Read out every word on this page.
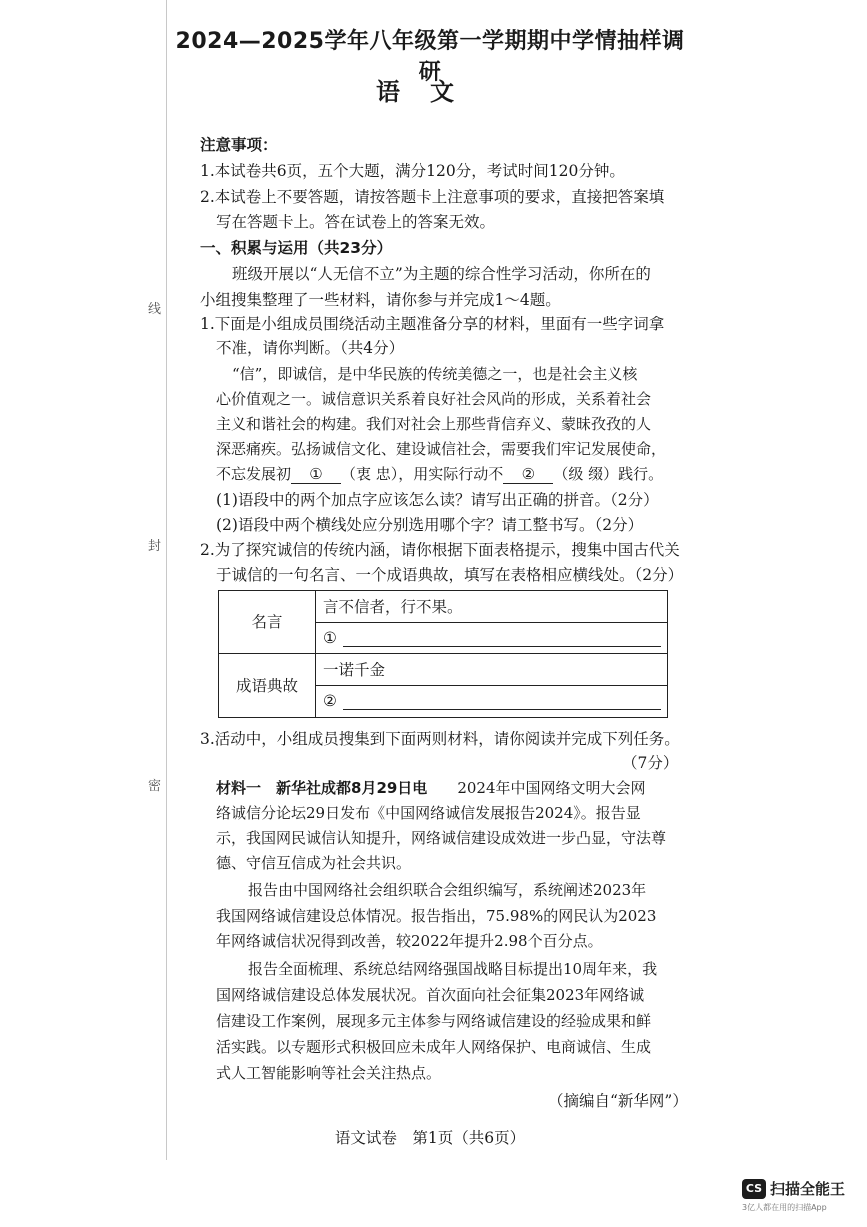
线
封
密
2024—2025学年八年级第一学期期中学情抽样调研
语文
注意事项：
1.本试卷共6页，五个大题，满分120分，考试时间120分钟。
2.本试卷上不要答题，请按答题卡上注意事项的要求，直接把答案填
写在答题卡上。答在试卷上的答案无效。
一、积累与运用（共23分）
班级开展以“人无信不立”为主题的综合性学习活动，你所在的
小组搜集整理了一些材料，请你参与并完成1～4题。
1.下面是小组成员围绕活动主题准备分享的材料，里面有一些字词拿
不准，请你判断。（共4分）
“信”，即诚信，是中华民族的传统美德之一，也是社会主义核
心价值观之一。诚信意识关系着良好社会风尚的形成，关系着社会
主义和谐社会的构建。我们对社会上那些背信弃义、蒙昧孜孜的人
深恶痛疾。弘扬诚信文化、建设诚信社会，需要我们牢记发展使命，
不忘发展初 ① （衷 忠），用实际行动不 ② （级 缀）践行。
(1)语段中的两个加点字应该怎么读？请写出正确的拼音。（2分）
(2)语段中两个横线处应分别选用哪个字？请工整书写。（2分）
2.为了探究诚信的传统内涵，请你根据下面表格提示，搜集中国古代关
于诚信的一句名言、一个成语典故，填写在表格相应横线处。（2分）
名言
言不信者，行不果。
①
成语典故
一诺千金
②
3.活动中，小组成员搜集到下面两则材料，请你阅读并完成下列任务。
（7分）
材料一　新华社成都8月29日电　　 2024年中国网络文明大会网
络诚信分论坛29日发布《中国网络诚信发展报告2024》。报告显
示，我国网民诚信认知提升，网络诚信建设成效进一步凸显，守法尊
德、守信互信成为社会共识。
报告由中国网络社会组织联合会组织编写，系统阐述2023年
我国网络诚信建设总体情况。报告指出，75.98%的网民认为2023
年网络诚信状况得到改善，较2022年提升2.98个百分点。
报告全面梳理、系统总结网络强国战略目标提出10周年来，我
国网络诚信建设总体发展状况。首次面向社会征集2023年网络诚
信建设工作案例，展现多元主体参与网络诚信建设的经验成果和鲜
活实践。以专题形式积极回应未成年人网络保护、电商诚信、生成
式人工智能影响等社会关注热点。
（摘编自“新华网”）
语文试卷　第1页（共6页）
CS 扫描全能王
3亿人都在用的扫描App
